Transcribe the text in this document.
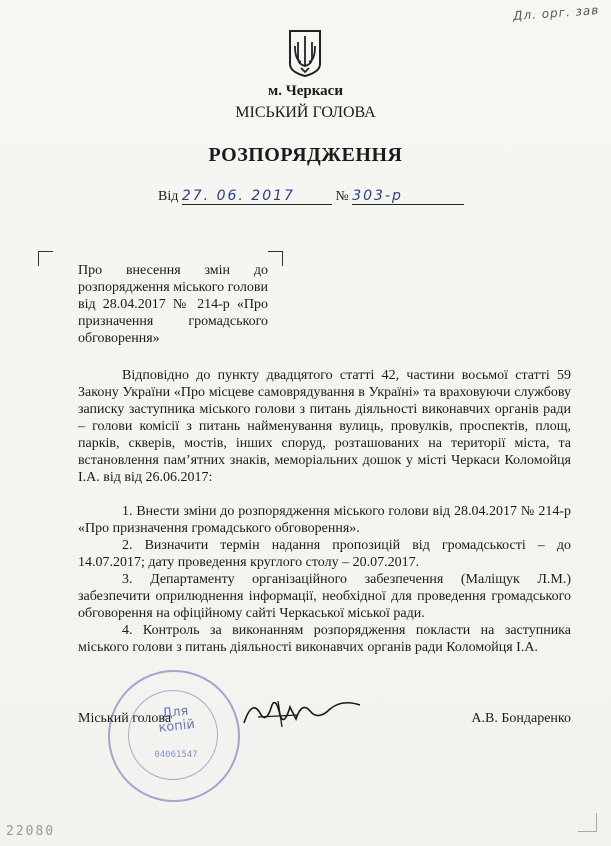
Дл. орг. зав
м. Черкаси
МІСЬКИЙ ГОЛОВА
РОЗПОРЯДЖЕННЯ
Від 27. 06. 2017	№ 303-р
Про внесення змін до розпорядження міського голови від 28.04.2017 № 214-р «Про призначення громадського обговорення»

Відповідно до пункту двадцятого статті 42, частини восьмої статті 59 Закону України «Про місцеве самоврядування в Україні» та враховуючи службову записку заступника міського голови з питань діяльності виконавчих органів ради – голови комісії з питань найменування вулиць, провулків, проспектів, площ, парків, скверів, мостів, інших споруд, розташованих на території міста, та встановлення пам’ятних знаків, меморіальних дошок у місті Черкаси Коломойця І.А. від від 26.06.2017:

1. Внести зміни до розпорядження міського голови від 28.04.2017 № 214-р «Про призначення громадського обговорення».

2. Визначити термін надання пропозицій від громадськості – до 14.07.2017; дату проведення круглого столу – 20.07.2017.

3. Департаменту організаційного забезпечення (Маліщук Л.М.) забезпечити оприлюднення інформації, необхідної для проведення громадського обговорення на офіційному сайті Черкаської міської ради.

4. Контроль за виконанням розпорядження покласти на заступника міського голови з питань діяльності виконавчих органів ради Коломойця І.А.

Для копій
04061547
Міський голова	А.В. Бондаренко
22080
